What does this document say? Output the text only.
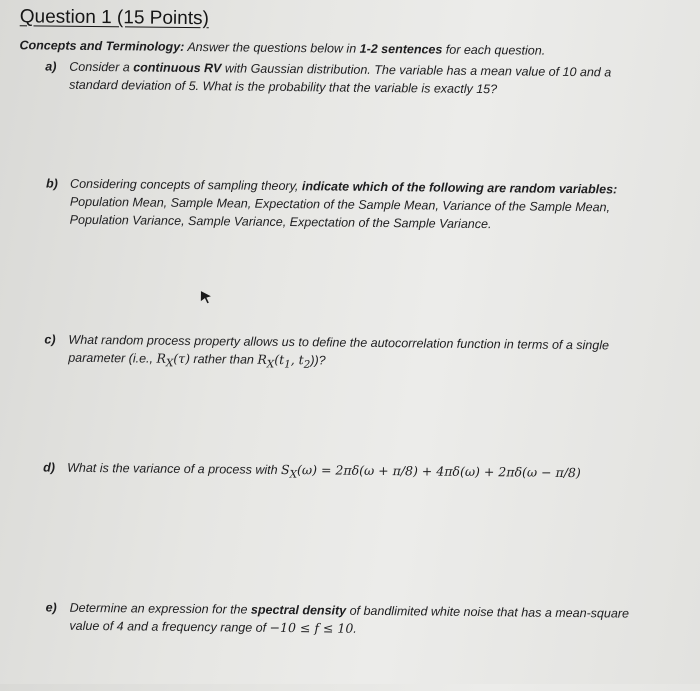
Question 1 (15 Points)

Concepts and Terminology: Answer the questions below in 1-2 sentences for each question.

a) Consider a continuous RV with Gaussian distribution. The variable has a mean value of 10 and a standard deviation of 5. What is the probability that the variable is exactly 15?
b) Considering concepts of sampling theory, indicate which of the following are random variables: Population Mean, Sample Mean, Expectation of the Sample Mean, Variance of the Sample Mean, Population Variance, Sample Variance, Expectation of the Sample Variance.
c) What random process property allows us to define the autocorrelation function in terms of a single parameter (i.e., $R_X(\tau)$ rather than $R_X(t_1$, $t_2$))?
d) What is the variance of a process with $S_X(\omega) = 2\pi\delta(\omega + \pi/8) + 4\pi\delta(\omega) + 2\pi\delta(\omega - \pi/8)$
e) Determine an expression for the spectral density of bandlimited white noise that has a mean-square value of 4 and a frequency range of −10 ≤ f ≤ 10.
